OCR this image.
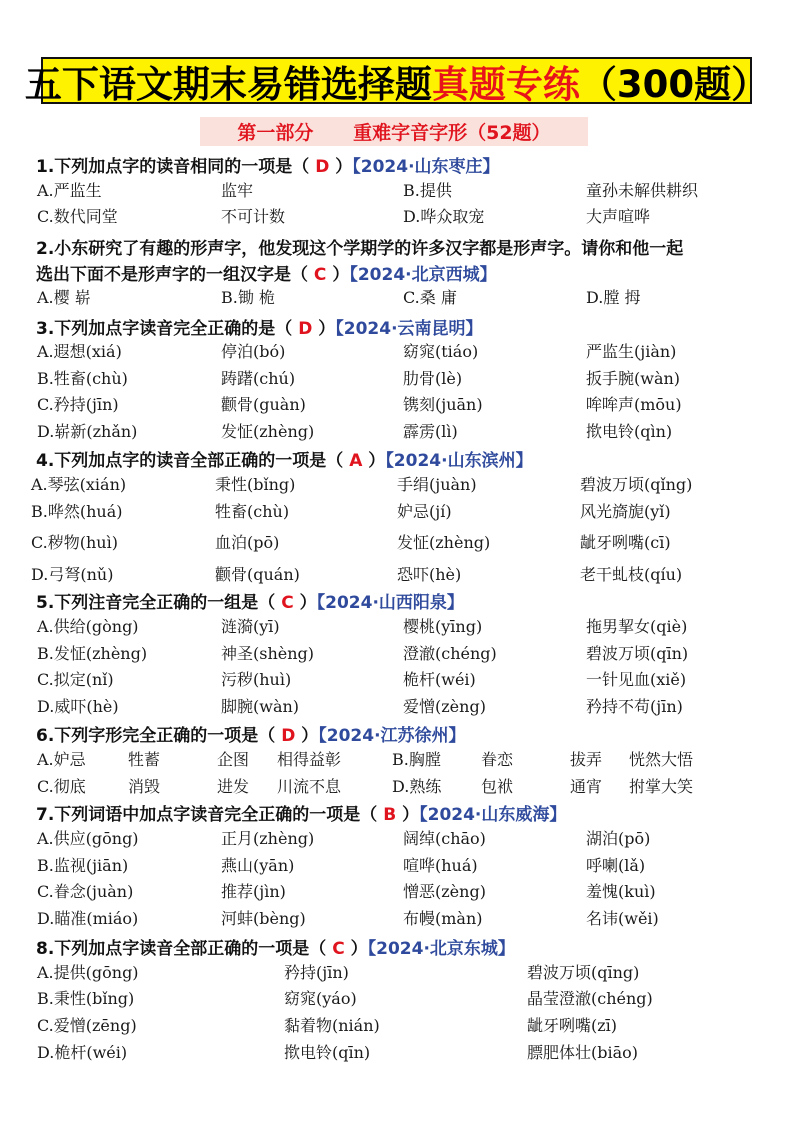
五下语文期末易错选择题 真题专练 （300题）
第一部分      重难字音字形（52题）
1.下列加点字的读音相同的一项是（ D ）【2024·山东枣庄】
A.严监生	监牢	B.提供	童孙未解供耕织
C.数代同堂	不可计数	D.哗众取宠	大声喧哗
2.小东研究了有趣的形声字，他发现这个学期学的许多汉字都是形声字。请你和他一起
选出下面不是形声字的一组汉字是（ C ）【2024·北京西城】
A.樱 崭	B.锄 桅	C.桑 庸	D.膛 拇
3.下列加点字读音完全正确的是（ D ）【2024·云南昆明】
A.遐想(xiá)	停泊(bó)	窈窕(tiáo)	严监生(jiàn)
B.牲畜(chù)	踌躇(chú)	肋骨(lè)	扳手腕(wàn)
C.矜持(jīn)	颧骨(guàn)	镌刻(juān)	哞哞声(mōu)
D.崭新(zhǎn)	发怔(zhèng)	霹雳(lì)	揿电铃(qìn)
4.下列加点字的读音全部正确的一项是（ A ）【2024·山东滨州】
A.琴弦(xián)	秉性(bǐng)	手绢(juàn)	碧波万顷(qǐng)
B.哗然(huá)	牲畜(chù)	妒忌(jí)	风光旖旎(yǐ)
C.秽物(huì)	血泊(pō)	发怔(zhèng)	龇牙咧嘴(cī)
D.弓弩(nǔ)	颧骨(quán)	恐吓(hè)	老干虬枝(qíu)
5.下列注音完全正确的一组是（ C ）【2024·山西阳泉】
A.供给(gòng)	涟漪(yī)	樱桃(yīng)	拖男挈女(qiè)
B.发怔(zhèng)	神圣(shèng)	澄澈(chéng)	碧波万顷(qīn)
C.拟定(nǐ)	污秽(huì)	桅杆(wéi)	一针见血(xiě)
D.威吓(hè)	脚腕(wàn)	爱憎(zèng)	矜持不苟(jīn)
6.下列字形完全正确的一项是（ D ）【2024·江苏徐州】
A.妒忌	牲蓄	企图 相得益彰	B.胸膛	眷恋	拔弄 恍然大悟
C.彻底	消毁	进发 川流不息	D.熟练 包袱	通宵 拊掌大笑
7.下列词语中加点字读音完全正确的一项是（ B ）【2024·山东威海】
A.供应(gōng)	正月(zhèng)	阔绰(chāo)	湖泊(pō)
B.监视(jiān)	燕山(yān)	喧哗(huá)	呼喇(lǎ)
C.眷念(juàn)	推荐(jìn)	憎恶(zèng)	羞愧(kuì)
D.瞄准(miáo)	河蚌(bèng)	布幔(màn)	名讳(wěi)
8.下列加点字读音全部正确的一项是（ C ）【2024·北京东城】
A.提供(gōng)	矜持(jīn)	碧波万顷(qīng)
B.秉性(bǐng)	窈窕(yáo)	晶莹澄澈(chéng)
C.爱憎(zēng)	黏着物(nián)	龇牙咧嘴(zī)
D.桅杆(wéi)	揿电铃(qīn)	膘肥体壮(biāo)
